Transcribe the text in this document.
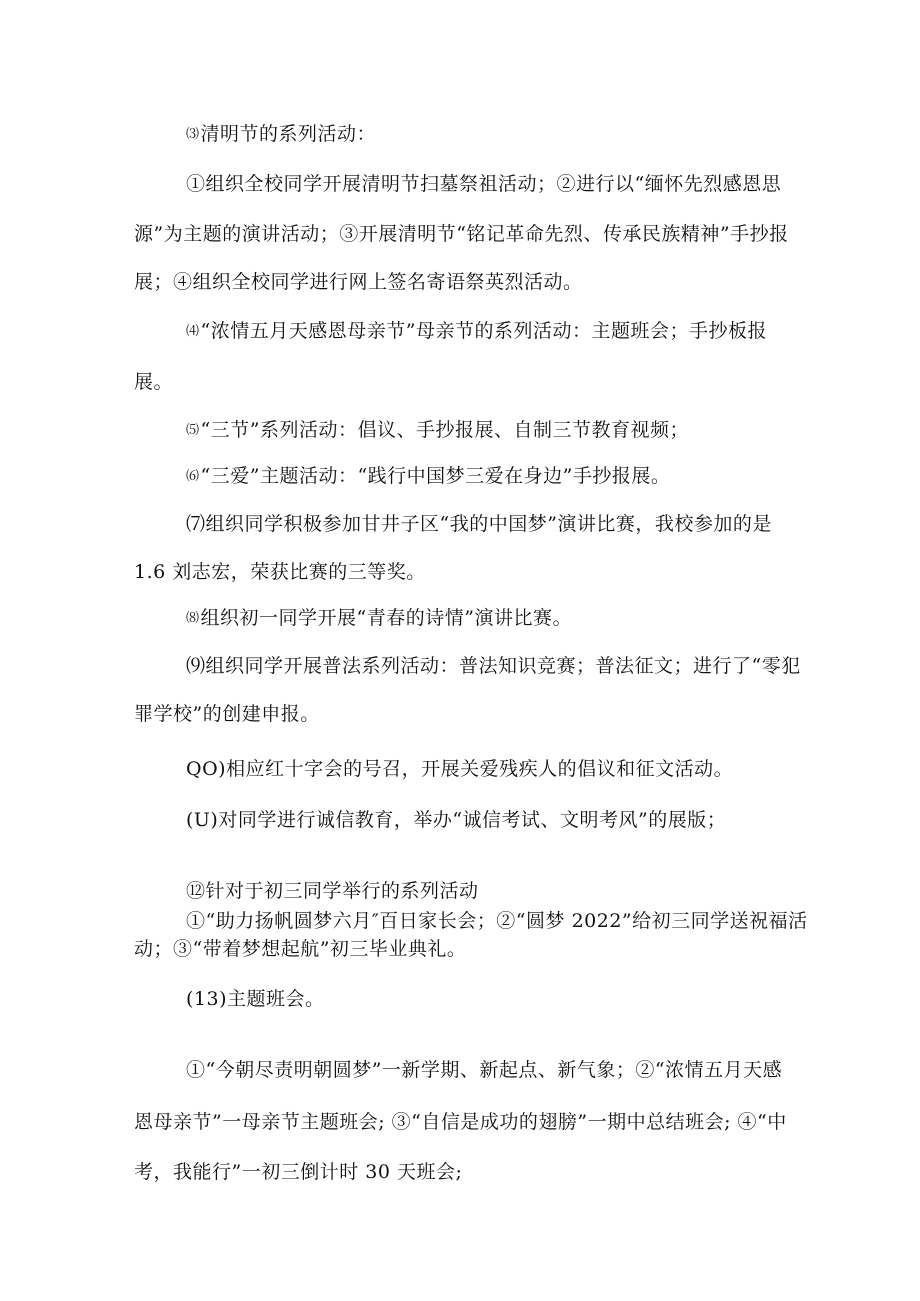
⑶清明节的系列活动：
①组织全校同学开展清明节扫墓祭祖活动；②进行以“缅怀先烈感恩思
源”为主题的演讲活动；③开展清明节“铭记革命先烈、传承民族精神”手抄报
展；④组织全校同学进行网上签名寄语祭英烈活动。
⑷“浓情五月天感恩母亲节”母亲节的系列活动：主题班会；手抄板报
展。
⑸“三节”系列活动：倡议、手抄报展、自制三节教育视频；
⑹“三爱”主题活动：“践行中国梦三爱在身边”手抄报展。
⑺组织同学积极参加甘井子区“我的中国梦”演讲比赛，我校参加的是
1.6 刘志宏，荣获比赛的三等奖。
⑻组织初一同学开展“青春的诗情”演讲比赛。
⑼组织同学开展普法系列活动：普法知识竞赛；普法征文；进行了“零犯
罪学校”的创建申报。
QO)相应红十字会的号召，开展关爱残疾人的倡议和征文活动。
(U)对同学进行诚信教育，举办“诚信考试、文明考风”的展版；
⑫针对于初三同学举行的系列活动
①“助力扬帆圆梦六月″百日家长会；②“圆梦 2022”给初三同学送祝福活
动；③“带着梦想起航”初三毕业典礼。
(13)主题班会。
①“今朝尽责明朝圆梦”一新学期、新起点、新气象；②“浓情五月天感
恩母亲节”一母亲节主题班会; ③“自信是成功的翅膀”一期中总结班会; ④“中
考，我能行”一初三倒计时 30 天班会;
